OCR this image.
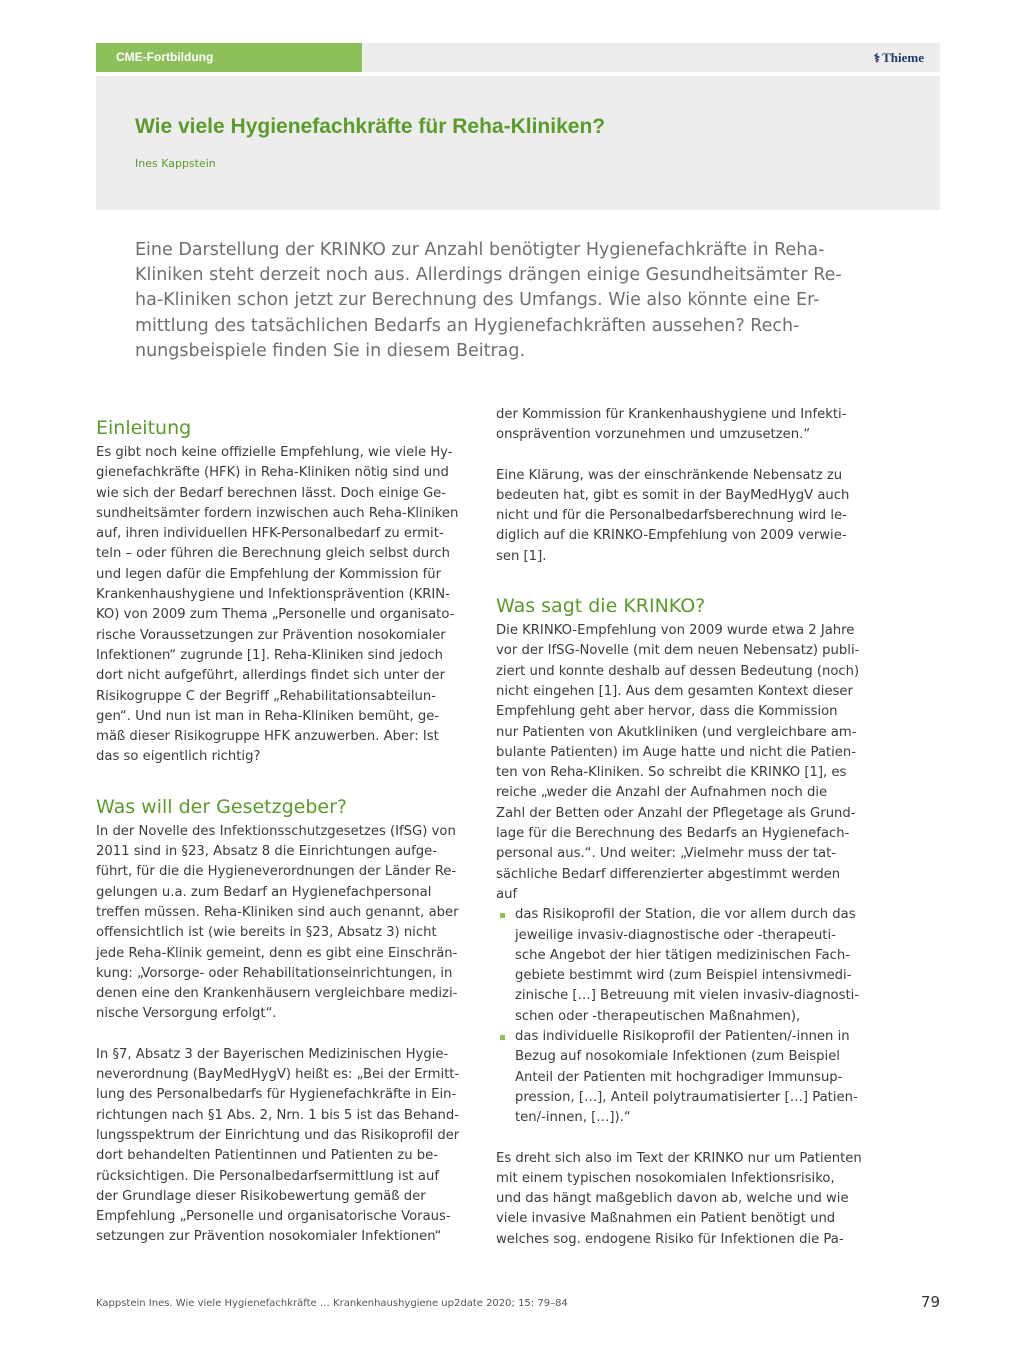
CME-Fortbildung	⚕ Thieme
Wie viele Hygienefachkräfte für Reha-Kliniken?
Ines Kappstein
Eine Darstellung der KRINKO zur Anzahl benötigter Hygienefachkräfte in Reha-
Kliniken steht derzeit noch aus. Allerdings drängen einige Gesundheitsämter Re-
ha-Kliniken schon jetzt zur Berechnung des Umfangs. Wie also könnte eine Er-
mittlung des tatsächlichen Bedarfs an Hygienefachkräften aussehen? Rech-
nungsbeispiele finden Sie in diesem Beitrag.
Einleitung

Es gibt noch keine offizielle Empfehlung, wie viele Hy-
gienefachkräfte (HFK) in Reha-Kliniken nötig sind und
wie sich der Bedarf berechnen lässt. Doch einige Ge-
sundheitsämter fordern inzwischen auch Reha-Kliniken
auf, ihren individuellen HFK-Personalbedarf zu ermit-
teln – oder führen die Berechnung gleich selbst durch
und legen dafür die Empfehlung der Kommission für
Krankenhaushygiene und Infektionsprävention (KRIN-
KO) von 2009 zum Thema „Personelle und organisato-
rische Voraussetzungen zur Prävention nosokomialer
Infektionen“ zugrunde [1]. Reha-Kliniken sind jedoch
dort nicht aufgeführt, allerdings findet sich unter der
Risikogruppe C der Begriff „Rehabilitationsabteilun-
gen“. Und nun ist man in Reha-Kliniken bemüht, ge-
mäß dieser Risikogruppe HFK anzuwerben. Aber: Ist
das so eigentlich richtig?

Was will der Gesetzgeber?

In der Novelle des Infektionsschutzgesetzes (IfSG) von
2011 sind in §23, Absatz 8 die Einrichtungen aufge-
führt, für die die Hygieneverordnungen der Länder Re-
gelungen u.a. zum Bedarf an Hygienefachpersonal
treffen müssen. Reha-Kliniken sind auch genannt, aber
offensichtlich ist (wie bereits in §23, Absatz 3) nicht
jede Reha-Klinik gemeint, denn es gibt eine Einschrän-
kung: „Vorsorge- oder Rehabilitationseinrichtungen, in
denen eine den Krankenhäusern vergleichbare medizi-
nische Versorgung erfolgt“.

In §7, Absatz 3 der Bayerischen Medizinischen Hygie-
neverordnung (BayMedHygV) heißt es: „Bei der Ermitt-
lung des Personalbedarfs für Hygienefachkräfte in Ein-
richtungen nach §1 Abs. 2, Nrn. 1 bis 5 ist das Behand-
lungsspektrum der Einrichtung und das Risikoprofil der
dort behandelten Patientinnen und Patienten zu be-
rücksichtigen. Die Personalbedarfsermittlung ist auf
der Grundlage dieser Risikobewertung gemäß der
Empfehlung „Personelle und organisatorische Voraus-
setzungen zur Prävention nosokomialer Infektionen“

der Kommission für Krankenhaushygiene und Infekti-
onsprävention vorzunehmen und umzusetzen.“

Eine Klärung, was der einschränkende Nebensatz zu
bedeuten hat, gibt es somit in der BayMedHygV auch
nicht und für die Personalbedarfsberechnung wird le-
diglich auf die KRINKO-Empfehlung von 2009 verwie-
sen [1].

Was sagt die KRINKO?

Die KRINKO-Empfehlung von 2009 wurde etwa 2 Jahre
vor der IfSG-Novelle (mit dem neuen Nebensatz) publi-
ziert und konnte deshalb auf dessen Bedeutung (noch)
nicht eingehen [1]. Aus dem gesamten Kontext dieser
Empfehlung geht aber hervor, dass die Kommission
nur Patienten von Akutkliniken (und vergleichbare am-
bulante Patienten) im Auge hatte und nicht die Patien-
ten von Reha-Kliniken. So schreibt die KRINKO [1], es
reiche „weder die Anzahl der Aufnahmen noch die
Zahl der Betten oder Anzahl der Pflegetage als Grund-
lage für die Berechnung des Bedarfs an Hygienefach-
personal aus.“. Und weiter: „Vielmehr muss der tat-
sächliche Bedarf differenzierter abgestimmt werden
auf

das Risikoprofil der Station, die vor allem durch das
jeweilige invasiv-diagnostische oder -therapeuti-
sche Angebot der hier tätigen medizinischen Fach-
gebiete bestimmt wird (zum Beispiel intensivmedi-
zinische […] Betreuung mit vielen invasiv-diagnosti-
schen oder -therapeutischen Maßnahmen),
das individuelle Risikoprofil der Patienten/-innen in
Bezug auf nosokomiale Infektionen (zum Beispiel
Anteil der Patienten mit hochgradiger Immunsup-
pression, […], Anteil polytraumatisierter […] Patien-
ten/-innen, […]).“

Es dreht sich also im Text der KRINKO nur um Patienten
mit einem typischen nosokomialen Infektionsrisiko,
und das hängt maßgeblich davon ab, welche und wie
viele invasive Maßnahmen ein Patient benötigt und
welches sog. endogene Risiko für Infektionen die Pa-

Kappstein Ines. Wie viele Hygienefachkräfte … Krankenhaushygiene up2date 2020; 15: 79–84	79
